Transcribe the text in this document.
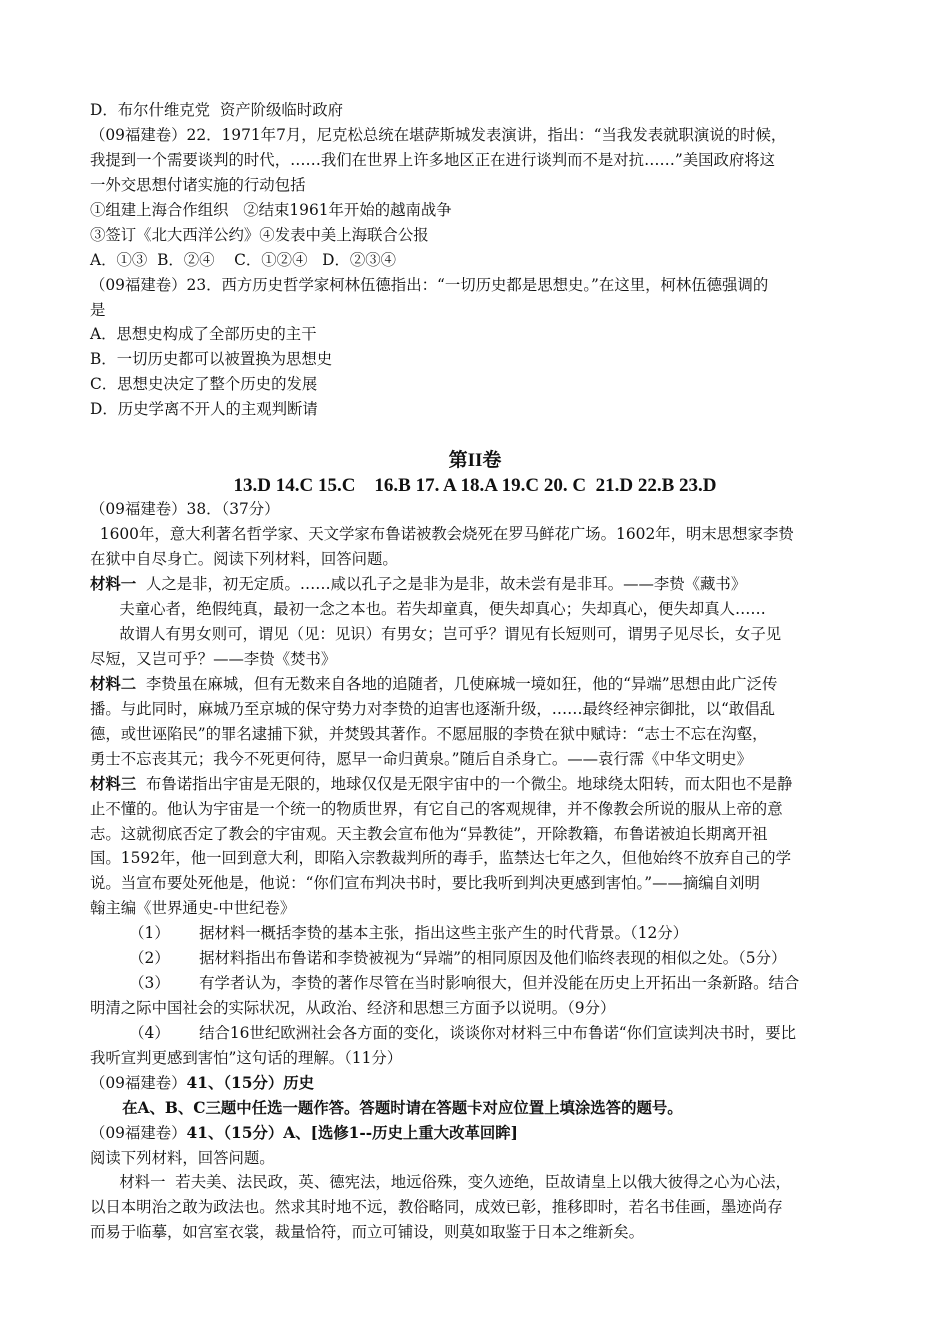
D．布尔什维克党  资产阶级临时政府
（09福建卷）22．1971年7月，尼克松总统在堪萨斯城发表演讲，指出：“当我发表就职演说的时候，
我提到一个需要谈判的时代，……我们在世界上许多地区正在进行谈判而不是对抗……”美国政府将这
一外交思想付诸实施的行动包括
①组建上海合作组织   ②结束1961年开始的越南战争
③签订《北大西洋公约》④发表中美上海联合公报
A．①③  B．②④    C．①②④   D．②③④
（09福建卷）23．西方历史哲学家柯林伍德指出：“一切历史都是思想史。”在这里，柯林伍德强调的
是
A．思想史构成了全部历史的主干
B．一切历史都可以被置换为思想史
C．思想史决定了整个历史的发展
D．历史学离不开人的主观判断请
第II卷
13.D 14.C 15.C    16.B 17. A 18.A 19.C 20. C  21.D 22.B 23.D
（09福建卷）38．（37分）
1600年，意大利著名哲学家、天文学家布鲁诺被教会烧死在罗马鲜花广场。1602年，明末思想家李贽
在狱中自尽身亡。阅读下列材料，回答问题。
材料一  人之是非，初无定质。……咸以孔子之是非为是非，故未尝有是非耳。——李贽《藏书》
夫童心者，绝假纯真，最初一念之本也。若失却童真，便失却真心；失却真心，便失却真人……
故谓人有男女则可，谓见（见：见识）有男女；岂可乎？谓见有长短则可，谓男子见尽长，女子见
尽短，又岂可乎？——李贽《焚书》
材料二  李贽虽在麻城，但有无数来自各地的追随者，几使麻城一境如狂，他的“异端”思想由此广泛传
播。与此同时，麻城乃至京城的保守势力对李贽的迫害也逐渐升级，……最终经神宗御批，以“敢倡乱
德，或世诬陷民”的罪名逮捕下狱，并焚毁其著作。不愿屈服的李贽在狱中赋诗：“志士不忘在沟壑，
勇士不忘丧其元；我今不死更何待，愿早一命归黄泉。”随后自杀身亡。——袁行霈《中华文明史》
材料三  布鲁诺指出宇宙是无限的，地球仅仅是无限宇宙中的一个微尘。地球绕太阳转，而太阳也不是静
止不懂的。他认为宇宙是一个统一的物质世界，有它自己的客观规律，并不像教会所说的服从上帝的意
志。这就彻底否定了教会的宇宙观。天主教会宣布他为“异教徒”，开除教籍，布鲁诺被迫长期离开祖
国。1592年，他一回到意大利，即陷入宗教裁判所的毒手，监禁达七年之久，但他始终不放弃自己的学
说。当宣布要处死他是，他说：“你们宣布判决书时，要比我听到判决更感到害怕。”——摘编自刘明
翰主编《世界通史-中世纪卷》
（1）      据材料一概括李贽的基本主张，指出这些主张产生的时代背景。（12分）
（2）      据材料指出布鲁诺和李贽被视为“异端”的相同原因及他们临终表现的相似之处。（5分）
（3）      有学者认为，李贽的著作尽管在当时影响很大，但并没能在历史上开拓出一条新路。结合
明清之际中国社会的实际状况，从政治、经济和思想三方面予以说明。（9分）
（4）      结合16世纪欧洲社会各方面的变化，谈谈你对材料三中布鲁诺“你们宣读判决书时，要比
我听宣判更感到害怕”这句话的理解。（11分）
（09福建卷）41、（15分）历史
在A、B、C三题中任选一题作答。答题时请在答题卡对应位置上填涂选答的题号。
（09福建卷）41、（15分）A、[选修1--历史上重大改革回眸]
阅读下列材料，回答问题。
材料一  若夫美、法民政，英、德宪法，地远俗殊，变久迹绝，臣故请皇上以俄大彼得之心为心法，
以日本明治之敢为政法也。然求其时地不远，教俗略同，成效已彰，推移即时，若名书佳画，墨迹尚存
而易于临摹，如宫室衣裳，裁量恰符，而立可铺设，则莫如取鉴于日本之维新矣。
